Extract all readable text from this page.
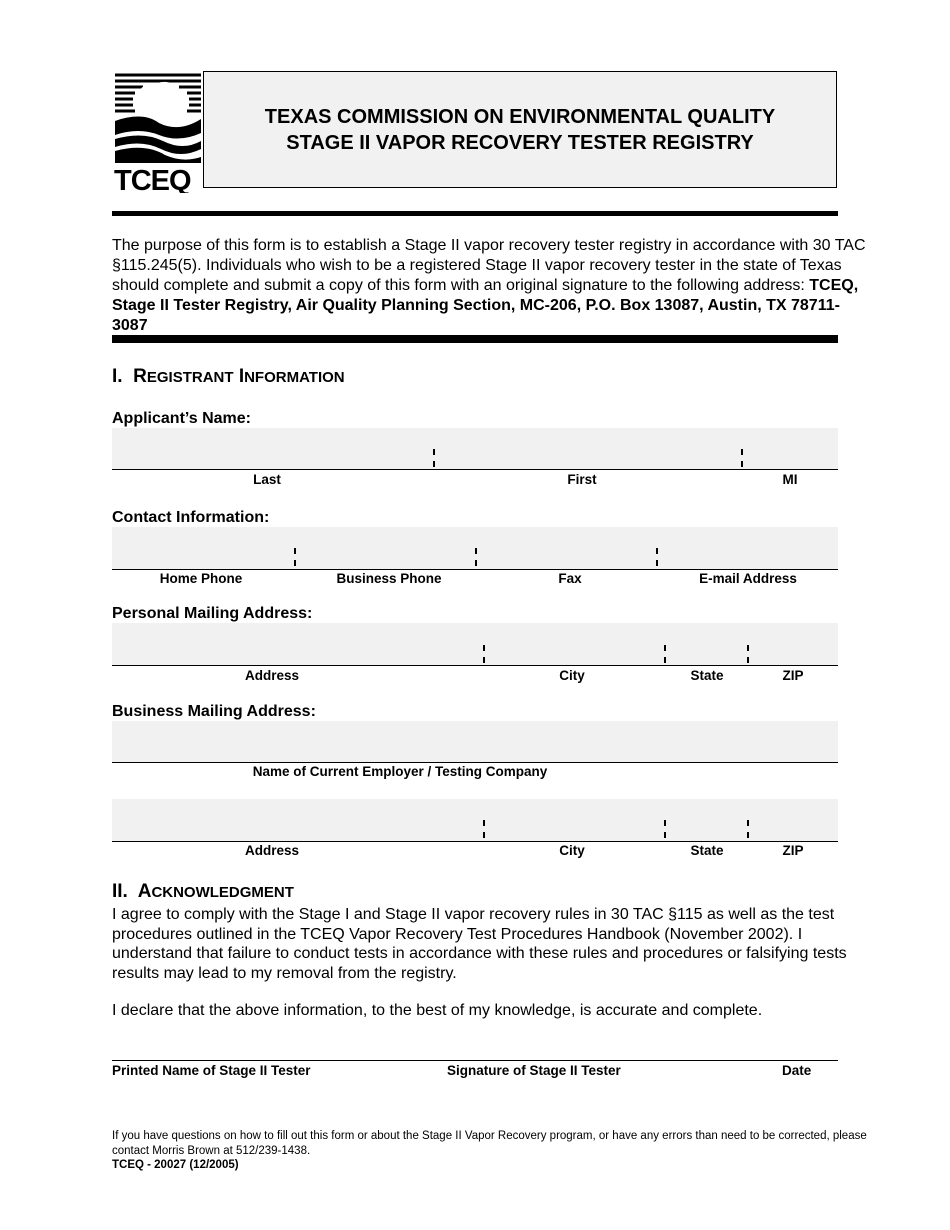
TCEQ
TEXAS COMMISSION ON ENVIRONMENTAL QUALITY
STAGE II VAPOR RECOVERY TESTER REGISTRY
The purpose of this form is to establish a Stage II vapor recovery tester registry in accordance with 30 TAC §115.245(5). Individuals who wish to be a registered Stage II vapor recovery tester in the state of Texas should complete and submit a copy of this form with an original signature to the following address: TCEQ, Stage II Tester Registry, Air Quality Planning Section, MC-206, P.O. Box 13087, Austin, TX 78711-3087
I. REGISTRANT INFORMATION
Applicant’s Name:
Last	First	MI
Contact Information:
Home Phone	Business Phone	Fax	E-mail Address
Personal Mailing Address:
Address	City	State	ZIP
Business Mailing Address:
Name of Current Employer / Testing Company
Address	City	State	ZIP
II. ACKNOWLEDGMENT
I agree to comply with the Stage I and Stage II vapor recovery rules in 30 TAC §115 as well as the test procedures outlined in the TCEQ Vapor Recovery Test Procedures Handbook (November 2002). I understand that failure to conduct tests in accordance with these rules and procedures or falsifying tests results may lead to my removal from the registry.
I declare that the above information, to the best of my knowledge, is accurate and complete.
Printed Name of Stage II Tester	Signature of Stage II Tester	Date
If you have questions on how to fill out this form or about the Stage II Vapor Recovery program, or have any errors than need to be corrected, please contact Morris Brown at 512/239-1438.
TCEQ - 20027 (12/2005)
